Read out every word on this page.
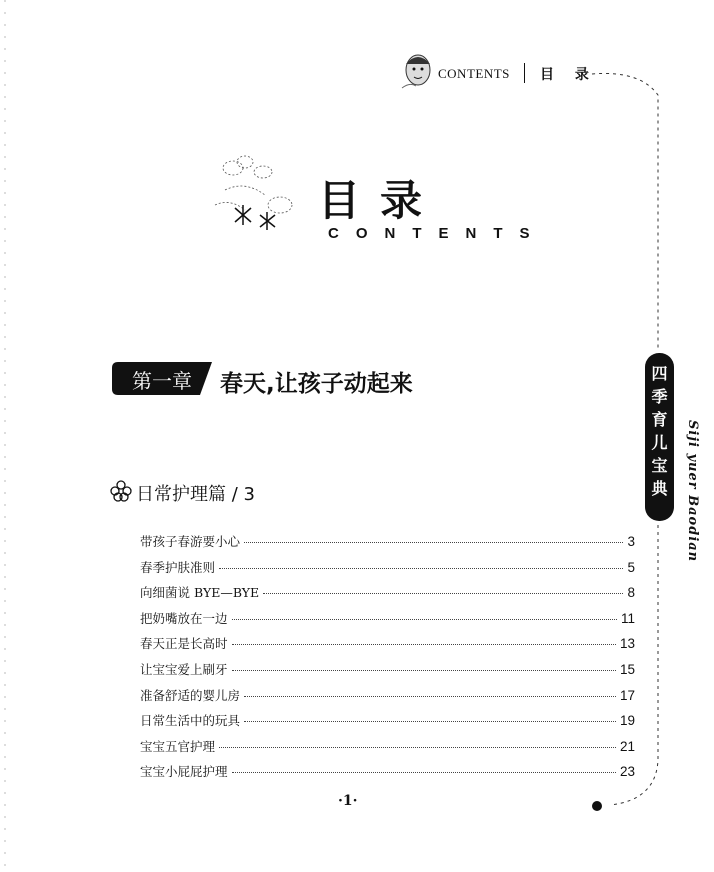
CONTENTS 目 录
目录
CONTENTS
第一章	春天,让孩子动起来
日常护理篇 / 3
带孩子春游要小心	3
春季护肤准则	5
向细菌说 BYE—BYE	8
把奶嘴放在一边	11
春天正是长高时	13
让宝宝爱上刷牙	15
准备舒适的婴儿房	17
日常生活中的玩具	19
宝宝五官护理	21
宝宝小屁屁护理	23
·1·
四
季
育
儿
宝
典	Siji yuer Baodian
